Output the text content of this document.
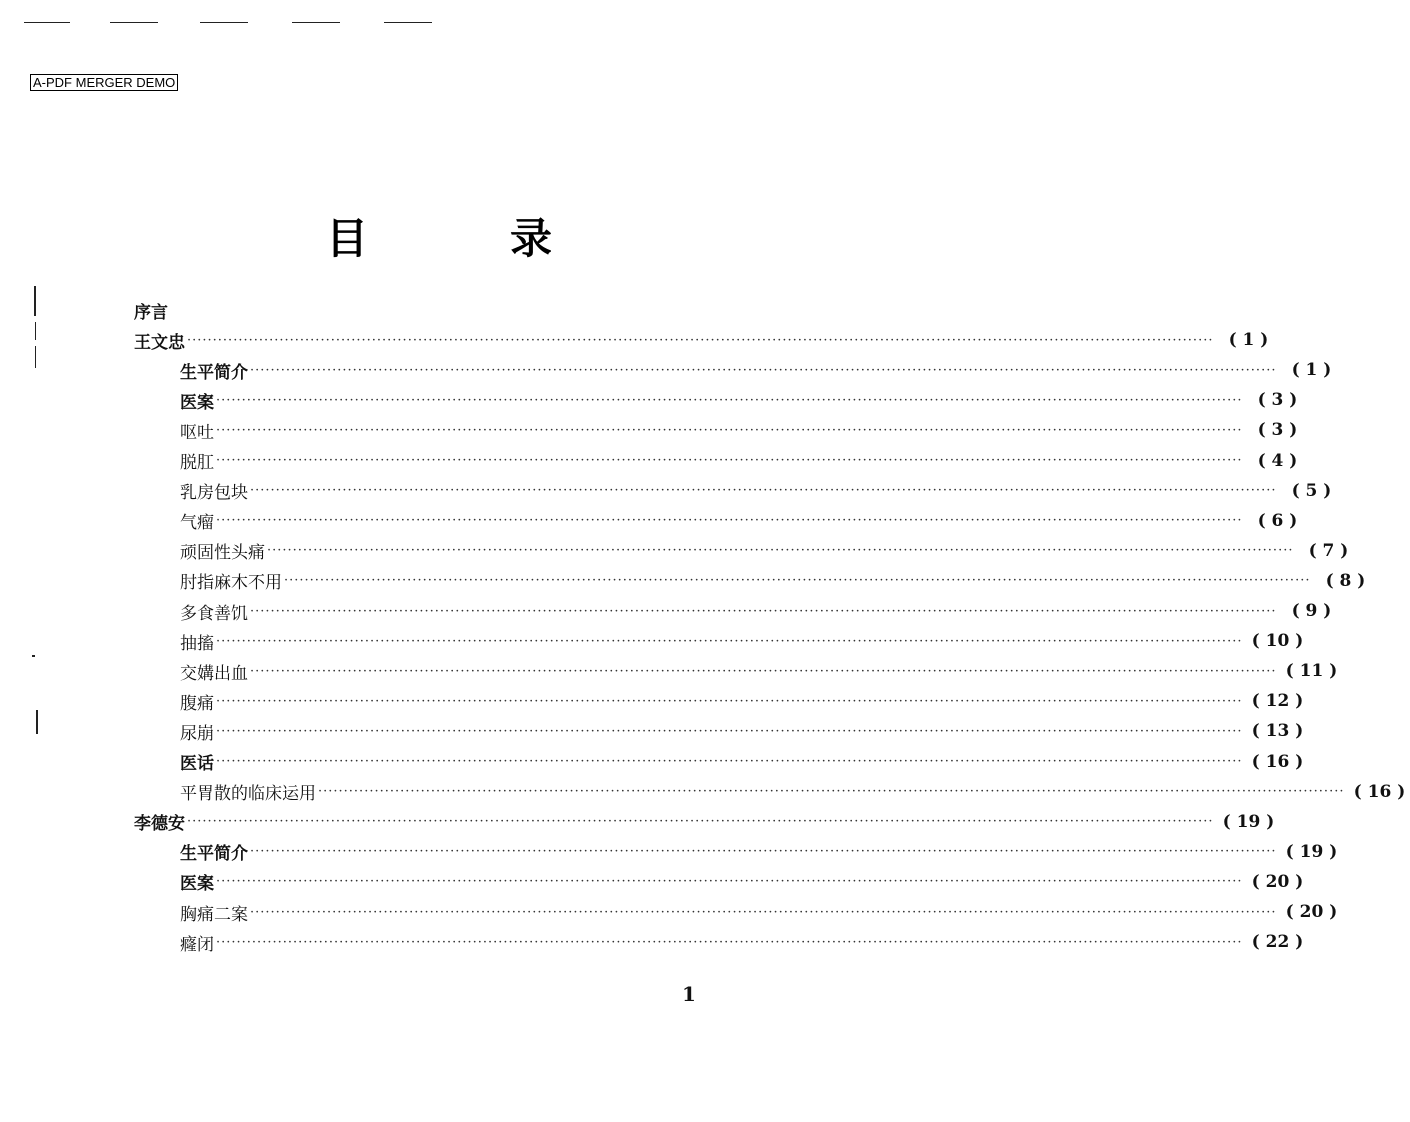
A-PDF MERGER DEMO
目	录
序言
王文忠 ········································································································································································································ ( 1 )
生平简介 ········································································································································································································ ( 1 )
医案 ········································································································································································································ ( 3 )
呕吐 ········································································································································································································ ( 3 )
脱肛 ········································································································································································································ ( 4 )
乳房包块 ········································································································································································································ ( 5 )
气瘤 ········································································································································································································ ( 6 )
顽固性头痛 ········································································································································································································ ( 7 )
肘指麻木不用 ········································································································································································································ ( 8 )
多食善饥 ········································································································································································································ ( 9 )
抽搐 ········································································································································································································ ( 10 )
交媾出血 ········································································································································································································ ( 11 )
腹痛 ········································································································································································································ ( 12 )
尿崩 ········································································································································································································ ( 13 )
医话 ········································································································································································································ ( 16 )
平胃散的临床运用 ········································································································································································································ ( 16 )
李德安 ········································································································································································································ ( 19 )
生平简介 ········································································································································································································ ( 19 )
医案 ········································································································································································································ ( 20 )
胸痛二案 ········································································································································································································ ( 20 )
癃闭 ········································································································································································································ ( 22 )
1
